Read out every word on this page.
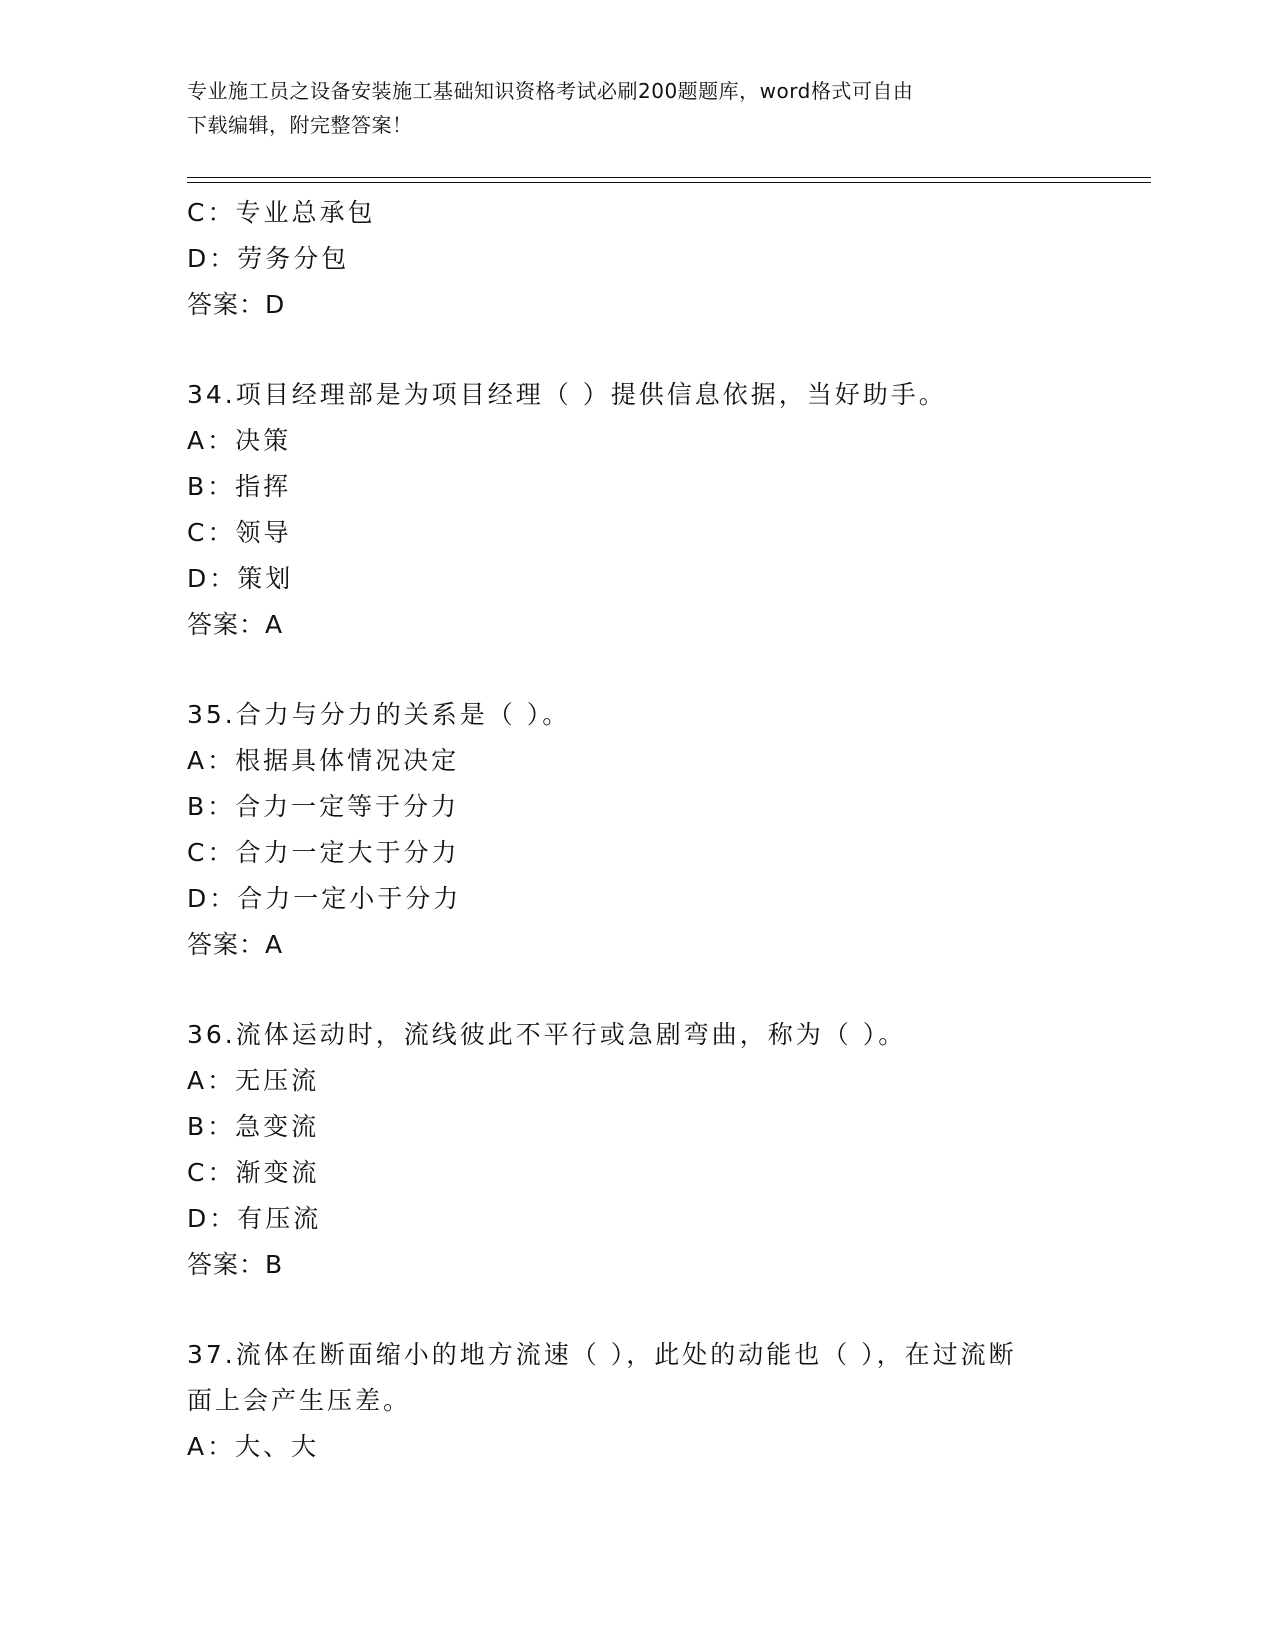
专业施工员之设备安装施工基础知识资格考试必刷200题题库，word格式可自由
下载编辑，附完整答案！
C：专业总承包
D：劳务分包
答案：D
34.项目经理部是为项目经理（ ）提供信息依据，当好助手。
A：决策
B：指挥
C：领导
D：策划
答案：A
35.合力与分力的关系是（ ）。
A：根据具体情况决定
B：合力一定等于分力
C：合力一定大于分力
D：合力一定小于分力
答案：A
36.流体运动时，流线彼此不平行或急剧弯曲，称为（ ）。
A：无压流
B：急变流
C：渐变流
D：有压流
答案：B
37.流体在断面缩小的地方流速（ ），此处的动能也（ ），在过流断
面上会产生压差。
A：大、大
